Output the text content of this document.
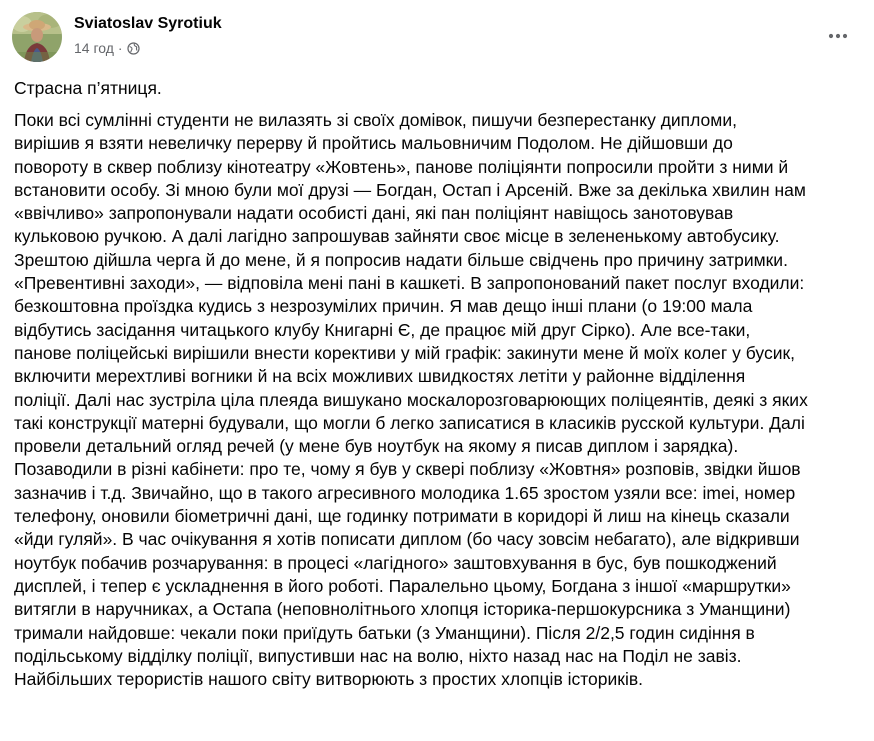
Sviatoslav Syrotiuk
14 год ·
Страсна п’ятниця.
Поки всі сумлінні студенти не вилазять зі своїх домівок, пишучи безперестанку дипломи,
вирішив я взяти невеличку перерву й пройтись мальовничим Подолом. Не дійшовши до
повороту в сквер поблизу кінотеатру «Жовтень», панове поліціянти попросили пройти з ними й
встановити особу. Зі мною були мої друзі — Богдан, Остап і Арсеній. Вже за декілька хвилин нам
«ввічливо» запропонували надати особисті дані, які пан поліціянт навіщось занотовував
кульковою ручкою. А далі лагідно запрошував зайняти своє місце в зелененькому автобусику.
Зрештою дійшла черга й до мене, й я попросив надати більше свідчень про причину затримки.
«Превентивні заходи», — відповіла мені пані в кашкеті. В запропонований пакет послуг входили:
безкоштовна проїздка кудись з незрозумілих причин. Я мав дещо інші плани (о 19:00 мала
відбутись засідання читацького клубу Книгарні Є, де працює мій друг Сірко). Але все-таки,
панове поліцейські вирішили внести корективи у мій графік: закинути мене й моїх колег у бусик,
включити мерехтливі вогники й на всіх можливих швидкостях летіти у районне відділення
поліції. Далі нас зустріла ціла плеяда вишукано москалорозговарюющих поліцеянтів, деякі з яких
такі конструкції матерні будували, що могли б легко записатися в класиків русской культури. Далі
провели детальний огляд речей (у мене був ноутбук на якому я писав диплом і зарядка).
Позаводили в різні кабінети: про те, чому я був у сквері поблизу «Жовтня» розповів, звідки йшов
зазначив і т.д. Звичайно, що в такого агресивного молодика 1.65 зростом узяли все: imei, номер
телефону, оновили біометричні дані, ще годинку потримати в коридорі й лиш на кінець сказали
«йди гуляй». В час очікування я хотів пописати диплом (бо часу зовсім небагато), але відкривши
ноутбук побачив розчарування: в процесі «лагідного» заштовхування в бус, був пошкоджений
дисплей, і тепер є ускладнення в його роботі. Паралельно цьому, Богдана з іншої «маршрутки»
витягли в наручниках, а Остапа (неповнолітнього хлопця історика-першокурсника з Уманщини)
тримали найдовше: чекали поки приїдуть батьки (з Уманщини). Після 2/2,5 годин сидіння в
подільському відділку поліції, випустивши нас на волю, ніхто назад нас на Поділ не завіз.
Найбільших терористів нашого світу витворюють з простих хлопців істориків.
